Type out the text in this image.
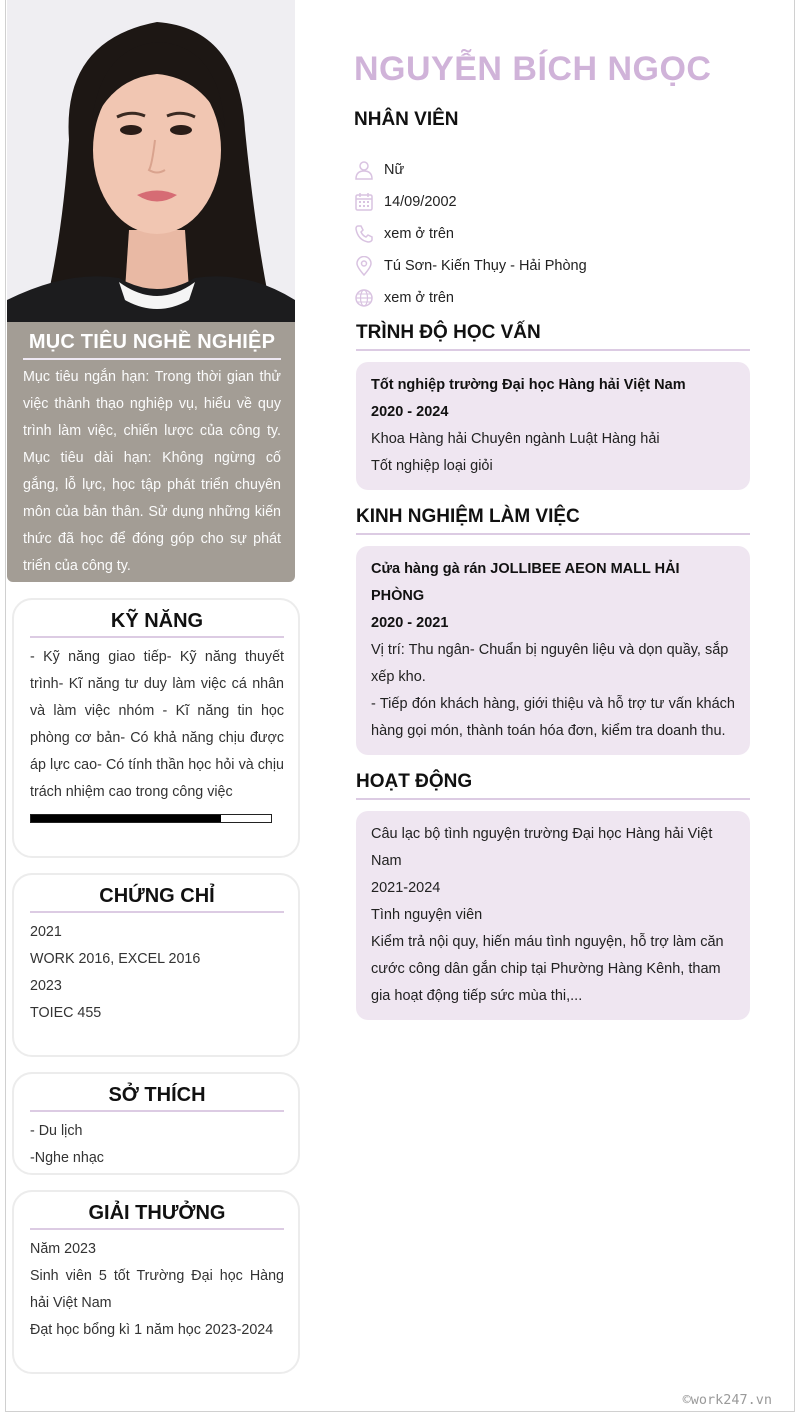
MỤC TIÊU NGHỀ NGHIỆP

Mục tiêu ngắn hạn: Trong thời gian thử việc thành thạo nghiệp vụ, hiểu về quy trình làm việc, chiến lược của công ty. Mục tiêu dài hạn: Không ngừng cố gắng, lỗ lực, học tập phát triển chuyên môn của bản thân. Sử dụng những kiến thức đã học để đóng góp cho sự phát triển của công ty.

KỸ NĂNG
- Kỹ năng giao tiếp- Kỹ năng thuyết trình- Kĩ năng tư duy làm việc cá nhân và làm việc nhóm - Kĩ năng tin học phòng cơ bản- Có khả năng chịu được áp lực cao- Có tính thần học hỏi và chịu trách nhiệm cao trong công việc
CHỨNG CHỈ
2021
WORK 2016, EXCEL 2016
2023
TOIEC 455
SỞ THÍCH
- Du lịch
-Nghe nhạc
GIẢI THƯỞNG
Năm 2023
Sinh viên 5 tốt Trường Đại học Hàng hải Việt Nam
Đạt học bổng kì 1 năm học 2023-2024
NGUYỄN BÍCH NGỌC
NHÂN VIÊN
Nữ
14/09/2002
xem ở trên
Tú Sơn- Kiến Thụy - Hải Phòng
xem ở trên
TRÌNH ĐỘ HỌC VẤN
Tốt nghiệp trường Đại học Hàng hải Việt Nam
2020 - 2024
Khoa Hàng hải Chuyên ngành Luật Hàng hải
Tốt nghiệp loại giỏi
KINH NGHIỆM LÀM VIỆC
Cửa hàng gà rán JOLLIBEE AEON MALL HẢI PHÒNG
2020 - 2021
Vị trí: Thu ngân- Chuẩn bị nguyên liệu và dọn quầy, sắp xếp kho.
- Tiếp đón khách hàng, giới thiệu và hỗ trợ tư vấn khách hàng gọi món, thành toán hóa đơn, kiểm tra doanh thu.
HOẠT ĐỘNG
Câu lạc bộ tình nguyện trường Đại học Hàng hải Việt Nam
2021-2024
Tình nguyện viên
Kiểm trả nội quy, hiến máu tình nguyện, hỗ trợ làm căn cước công dân gắn chip tại Phường Hàng Kênh, tham gia hoạt động tiếp sức mùa thi,...
©work247.vn
